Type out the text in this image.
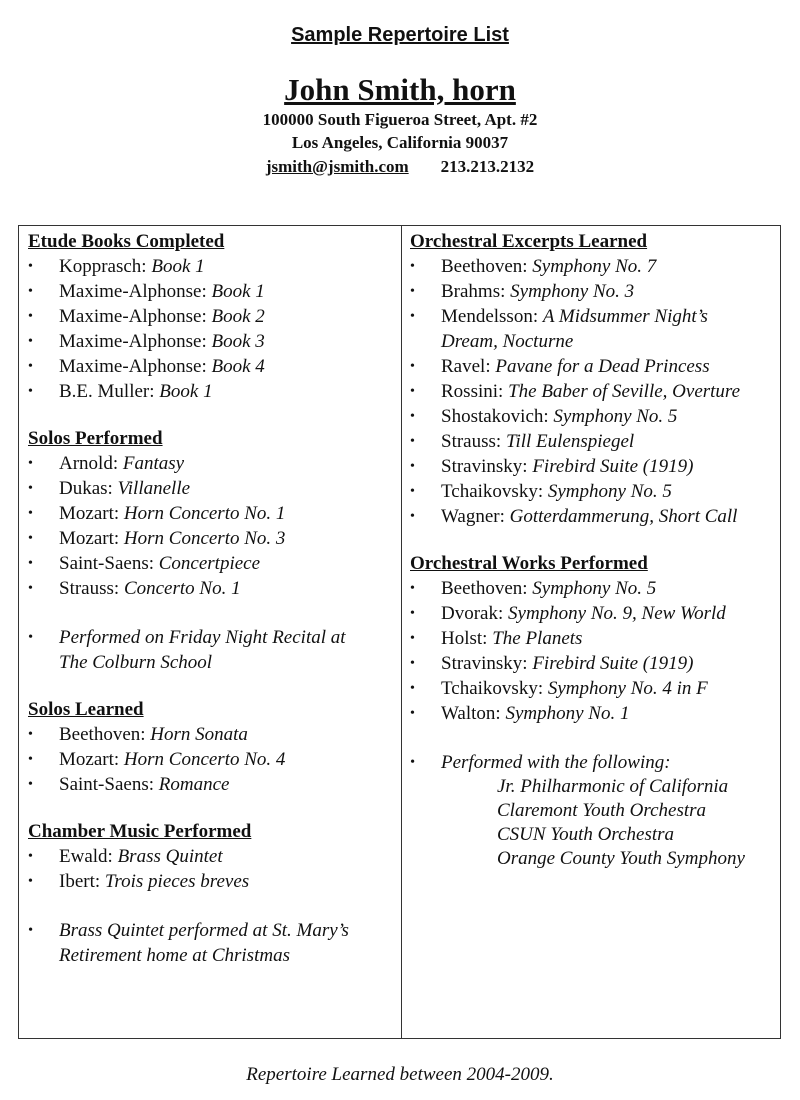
Sample Repertoire List
John Smith, horn
100000 South Figueroa Street, Apt. #2
Los Angeles, California 90037
jsmith@jsmith.com 213.213.2132
Etude Books Completed
• Kopprasch: Book 1
• Maxime-Alphonse: Book 1
• Maxime-Alphonse: Book 2
• Maxime-Alphonse: Book 3
• Maxime-Alphonse: Book 4
• B.E. Muller: Book 1
Solos Performed
• Arnold: Fantasy
• Dukas: Villanelle
• Mozart: Horn Concerto No. 1
• Mozart: Horn Concerto No. 3
• Saint-Saens: Concertpiece
• Strauss: Concerto No. 1
• Performed on Friday Night Recital at
The Colburn School
Solos Learned
• Beethoven: Horn Sonata
• Mozart: Horn Concerto No. 4
• Saint-Saens: Romance
Chamber Music Performed
• Ewald: Brass Quintet
• Ibert: Trois pieces breves
• Brass Quintet performed at St. Mary’s
Retirement home at Christmas
Orchestral Excerpts Learned
• Beethoven: Symphony No. 7
• Brahms: Symphony No. 3
• Mendelsson: A Midsummer Night’s
Dream, Nocturne
• Ravel: Pavane for a Dead Princess
• Rossini: The Baber of Seville, Overture
• Shostakovich: Symphony No. 5
• Strauss: Till Eulenspiegel
• Stravinsky: Firebird Suite (1919)
• Tchaikovsky: Symphony No. 5
• Wagner: Gotterdammerung, Short Call
Orchestral Works Performed
• Beethoven: Symphony No. 5
• Dvorak: Symphony No. 9, New World
• Holst: The Planets
• Stravinsky: Firebird Suite (1919)
• Tchaikovsky: Symphony No. 4 in F
• Walton: Symphony No. 1
• Performed with the following:
Jr. Philharmonic of California
Claremont Youth Orchestra
CSUN Youth Orchestra
Orange County Youth Symphony
Repertoire Learned between 2004-2009.
